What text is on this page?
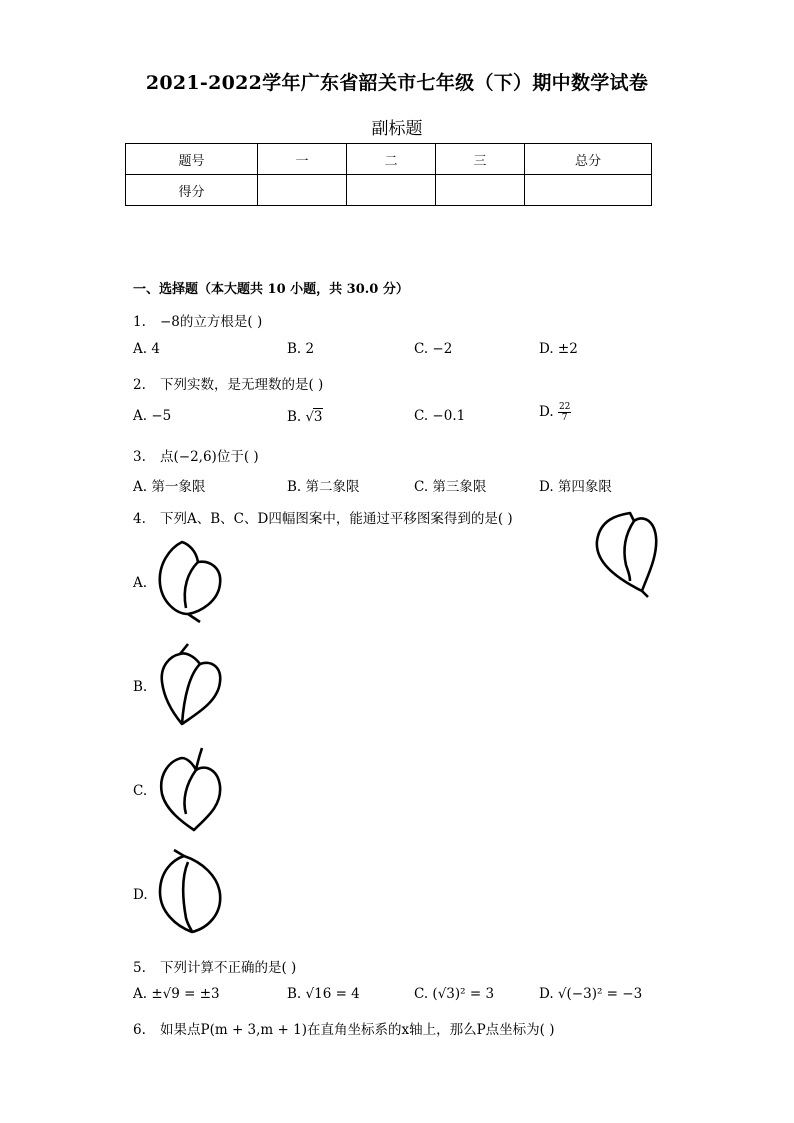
2021-2022学年广东省韶关市七年级（下）期中数学试卷
副标题
题号	一	二	三	总分
得分				
一、选择题（本大题共 10 小题，共 30.0 分）
1. −8的立方根是( )
A. 4	B. 2	C. −2	D. ±2
2. 下列实数，是无理数的是( )
A. −5	B. √3	C. −0.1	D. $\frac{22}{7}$
3. 点(−2,6)位于( )
A. 第一象限	B. 第二象限	C. 第三象限	D. 第四象限
4. 下列A、B、C、D四幅图案中，能通过平移图案得到的是( )
A.
B.
C.
D.
5. 下列计算不正确的是( )
A. ±√9 = ±3	B. √16 = 4	C. (√3)² = 3	D. √(−3)² = −3
6. 如果点P(m + 3,m + 1)在直角坐标系的x轴上，那么P点坐标为( )
